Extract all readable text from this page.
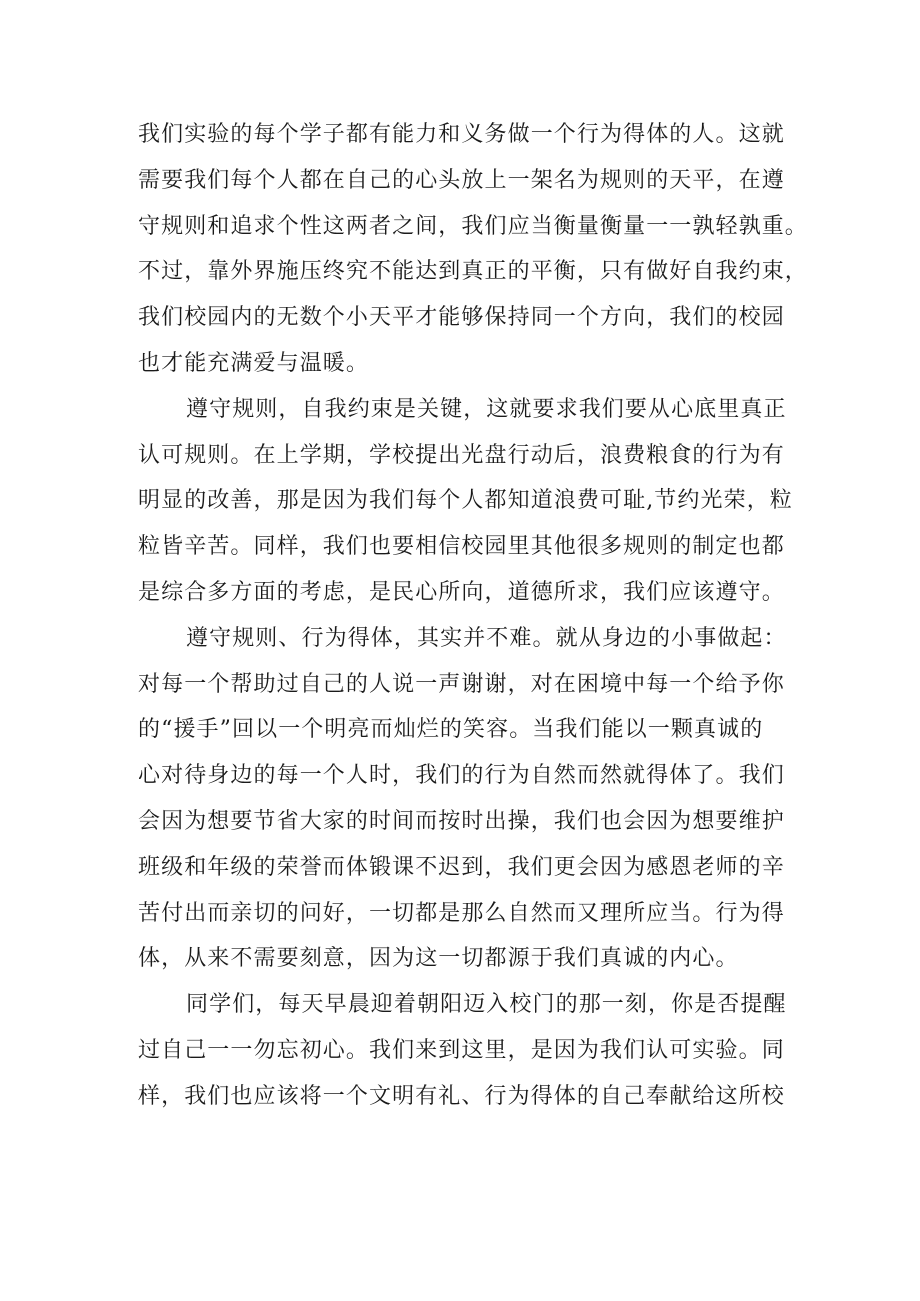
我们实验的每个学子都有能力和义务做一个行为得体的人。这就
需要我们每个人都在自己的心头放上一架名为规则的天平，在遵
守规则和追求个性这两者之间，我们应当衡量衡量一一孰轻孰重。
不过，靠外界施压终究不能达到真正的平衡，只有做好自我约束，
我们校园内的无数个小天平才能够保持同一个方向，我们的校园
也才能充满爱与温暖。
遵守规则，自我约束是关键，这就要求我们要从心底里真正
认可规则。在上学期，学校提出光盘行动后，浪费粮食的行为有
明显的改善，那是因为我们每个人都知道浪费可耻,节约光荣，粒
粒皆辛苦。同样，我们也要相信校园里其他很多规则的制定也都
是综合多方面的考虑，是民心所向，道德所求，我们应该遵守。
遵守规则、行为得体，其实并不难。就从身边的小事做起：
对每一个帮助过自己的人说一声谢谢，对在困境中每一个给予你
的“援手”回以一个明亮而灿烂的笑容。当我们能以一颗真诚的
心对待身边的每一个人时，我们的行为自然而然就得体了。我们
会因为想要节省大家的时间而按时出操，我们也会因为想要维护
班级和年级的荣誉而体锻课不迟到，我们更会因为感恩老师的辛
苦付出而亲切的问好，一切都是那么自然而又理所应当。行为得
体，从来不需要刻意，因为这一切都源于我们真诚的内心。
同学们，每天早晨迎着朝阳迈入校门的那一刻，你是否提醒
过自己一一勿忘初心。我们来到这里，是因为我们认可实验。同
样，我们也应该将一个文明有礼、行为得体的自己奉献给这所校
